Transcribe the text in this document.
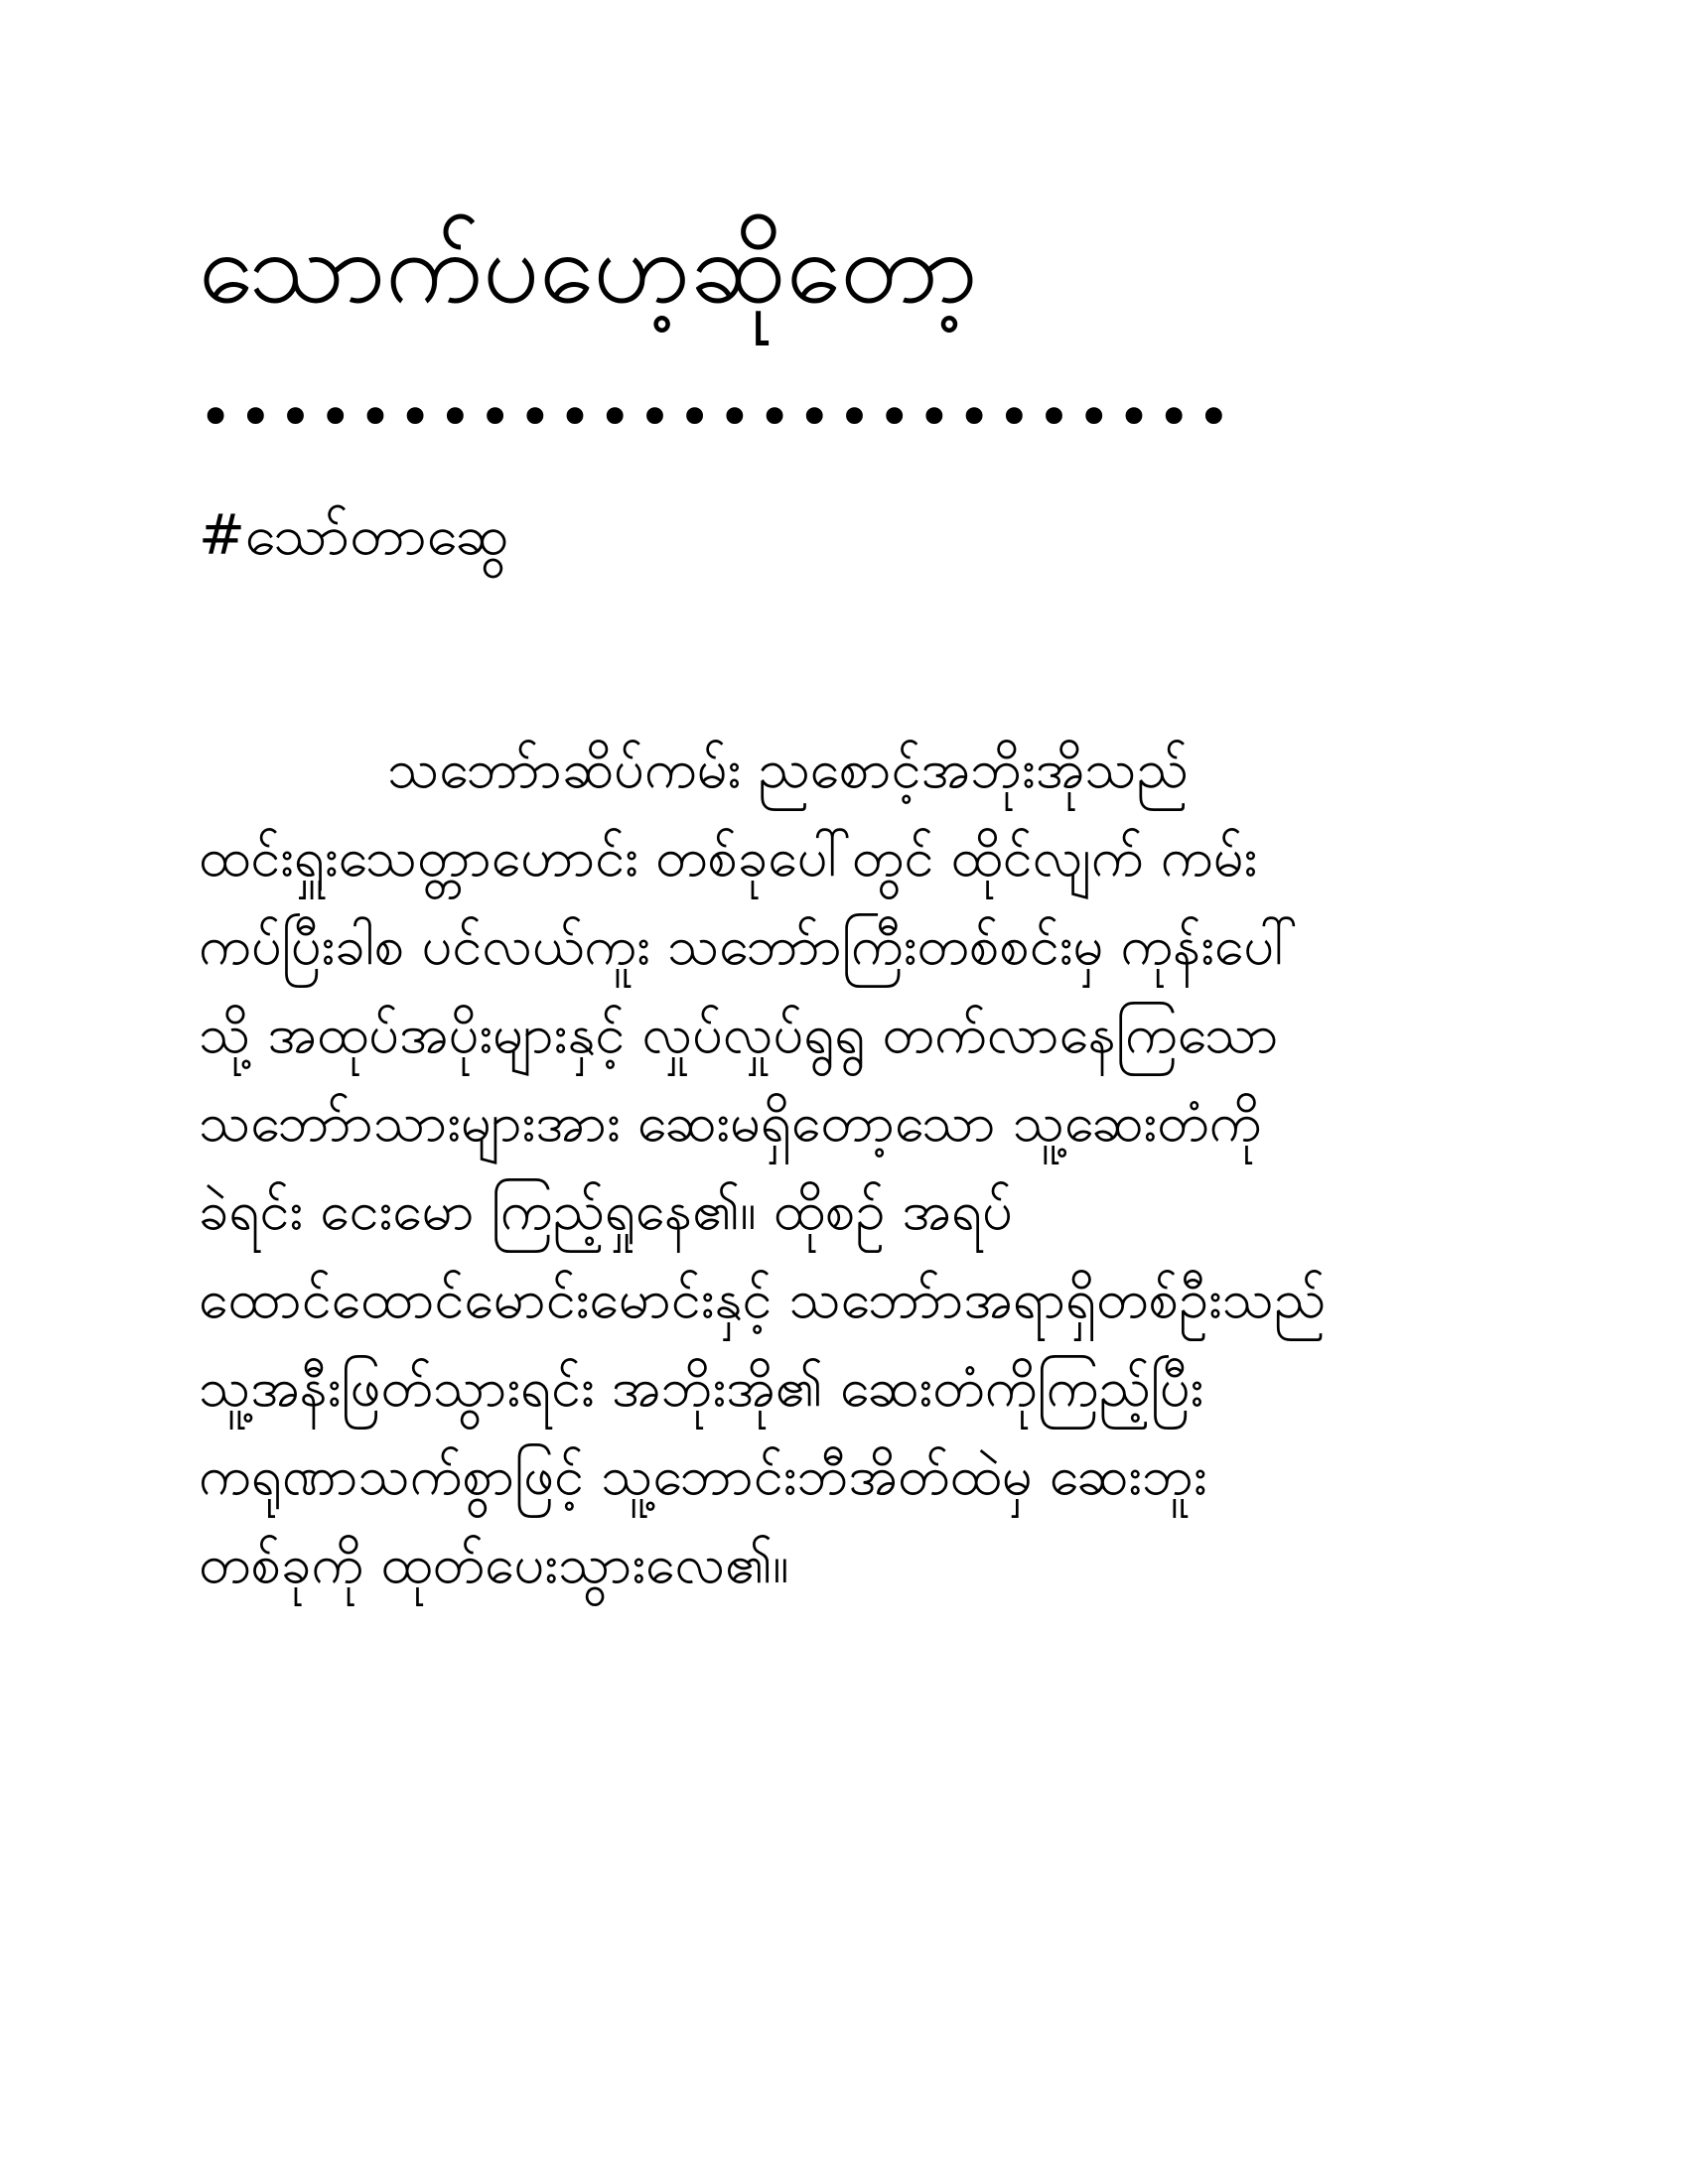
သောက်ပဟေ့ဆိုတော့
••••••••••••••••••••••••••
#သော်တာဆွေ
သဘော်ာဆိပ်ကမ်း ညစောင့်အဘိုးအိုသည်
ထင်းရှူးသေတ္တာဟောင်း တစ်ခုပေါ်တွင် ထိုင်လျက် ကမ်း
ကပ်ပြီးခါစ ပင်လယ်ကူး သဘော်ာကြီးတစ်စင်းမှ ကုန်းပေါ်
သို့ အထုပ်အပိုးများနှင့် လှုပ်လှုပ်ရွရွ တက်လာနေကြသော
သဘော်ာသားများအား ဆေးမရှိတော့သော သူ့ဆေးတံကို
ခဲရင်း ငေးမော ကြည့်ရှုနေ၏။ ထိုစဉ် အရပ်
ထောင်ထောင်မောင်းမောင်းနှင့် သဘော်ာအရာရှိတစ်ဦးသည်
သူ့အနီးဖြတ်သွားရင်း အဘိုးအို၏ ဆေးတံကိုကြည့်ပြီး
ကရုဏာသက်စွာဖြင့် သူ့ဘောင်းဘီအိတ်ထဲမှ ဆေးဘူး
တစ်ခုကို ထုတ်ပေးသွားလေ၏။
